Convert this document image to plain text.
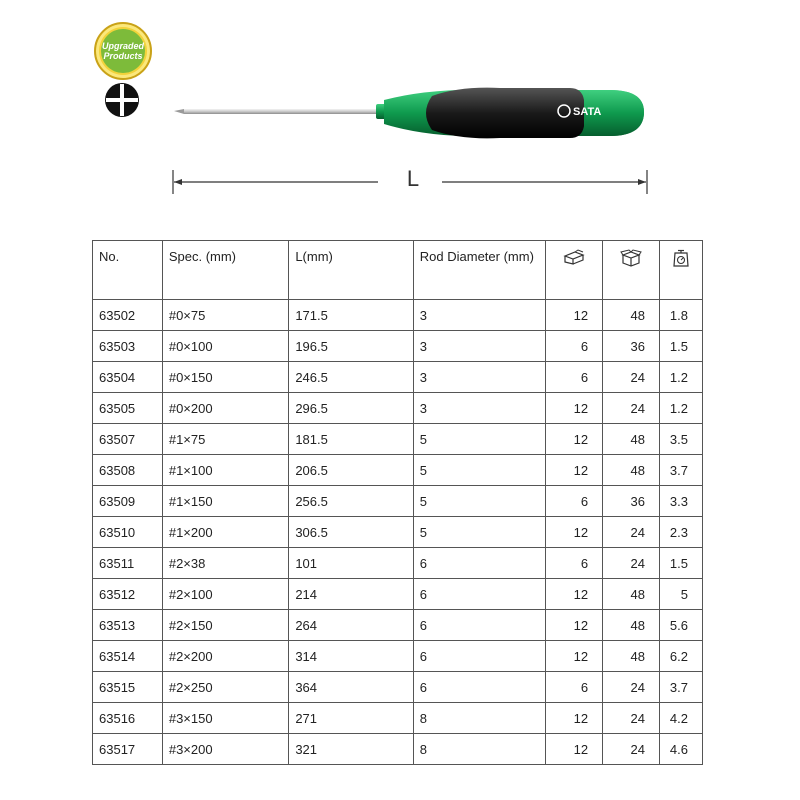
Upgraded
Products
SATA
L
No.	Spec. (mm)	L(mm)	Rod Diameter (mm)			
63502	#0×75	171.5	3	12	48	1.8
63503	#0×100	196.5	3	6	36	1.5
63504	#0×150	246.5	3	6	24	1.2
63505	#0×200	296.5	3	12	24	1.2
63507	#1×75	181.5	5	12	48	3.5
63508	#1×100	206.5	5	12	48	3.7
63509	#1×150	256.5	5	6	36	3.3
63510	#1×200	306.5	5	12	24	2.3
63511	#2×38	101	6	6	24	1.5
63512	#2×100	214	6	12	48	5
63513	#2×150	264	6	12	48	5.6
63514	#2×200	314	6	12	48	6.2
63515	#2×250	364	6	6	24	3.7
63516	#3×150	271	8	12	24	4.2
63517	#3×200	321	8	12	24	4.6
